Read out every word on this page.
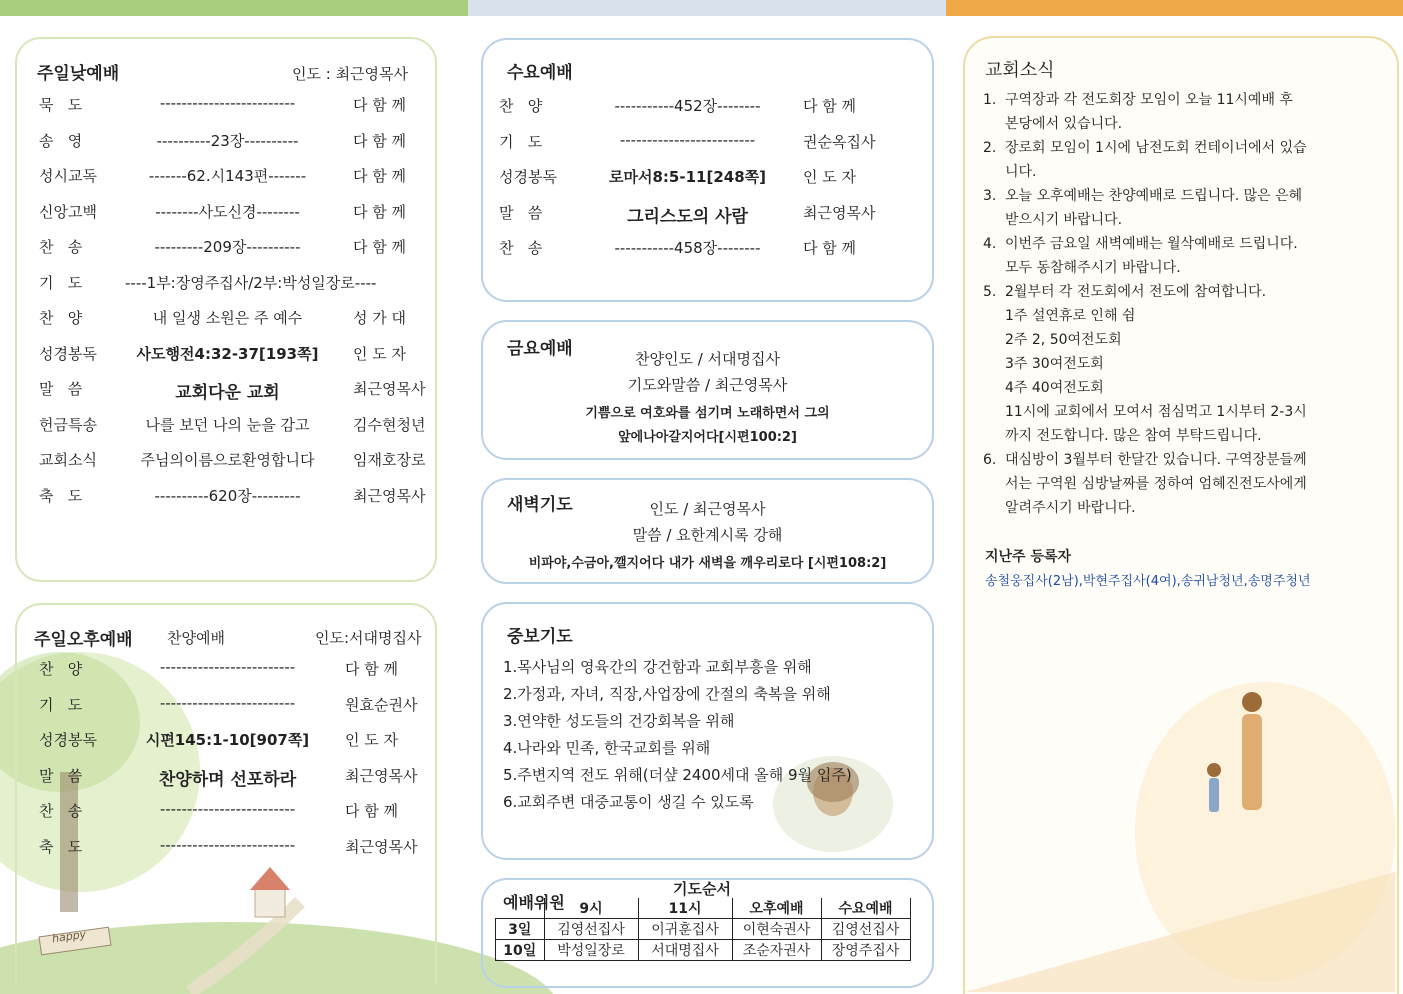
happy
주일낮예배	인도 : 최근영목사
묵   도	-------------------------	다 함 께
송   영	----------23장----------	다 함 께
성시교독	-------62.시143편-------	다 함 께
신앙고백	--------사도신경--------	다 함 께
찬   송	---------209장----------	다 함 께
기   도	----1부:장영주집사/2부:박성일장로----
찬   양	내 일생 소원은 주 예수	성 가 대
성경봉독	사도행전4:32-37[193쪽]	인 도 자
말   씀	교회다운 교회	최근영목사
헌금특송	나를 보던 나의 눈을 감고	김수현청년
교회소식	주님의이름으로환영합니다	임재호장로
축   도	----------620장---------	최근영목사
주일오후예배 찬양예배	인도:서대명집사
찬   양	-------------------------	다 함 께
기   도	-------------------------	원효순권사
성경봉독	시편145:1-10[907쪽]	인 도 자
말   씀	찬양하며 선포하라	최근영목사
찬   송	-------------------------	다 함 께
축   도	-------------------------	최근영목사
수요예배
찬   양	-----------452장--------	다 함 께
기   도	-------------------------	권순옥집사
성경봉독	로마서8:5-11[248쪽]	인 도 자
말   씀	그리스도의 사람	최근영목사
찬   송	-----------458장--------	다 함 께
금요예배	찬양인도 / 서대명집사
기도와말씀 / 최근영목사
기쁨으로 여호와를 섬기며 노래하면서 그의
앞에나아갈지어다[시편100:2]
새벽기도	인도 / 최근영목사
말씀 / 요한계시록 강해
비파야,수금아,깰지어다 내가 새벽을 깨우리로다 [시편108:2]
중보기도
1.목사님의 영육간의 강건함과 교회부흥을 위해
2.가정과, 자녀, 직장,사업장에 간절의 축복을 위해
3.연약한 성도들의 건강회복을 위해
4.나라와 민족, 한국교회를 위해
5.주변지역 전도 위해(더샾 2400세대 올해 9월 입주)
6.교회주변 대중교통이 생길 수 있도록
예배위원
기도순서
	9시	11시	오후예배	수요예배
3일	김영선집사	이귀훈집사	이현숙권사	김영선집사
10일	박성일장로	서대명집사	조순자권사	장영주집사
교회소식
1. 구역장과 각 전도회장 모임이 오늘 11시예배 후
본당에서 있습니다.
2. 장로회 모임이 1시에 남전도회 컨테이너에서 있습
니다.
3. 오늘 오후예배는 찬양예배로 드립니다. 많은 은혜
받으시기 바랍니다.
4. 이번주 금요일 새벽예배는 월삭예배로 드립니다.
모두 동참해주시기 바랍니다.
5. 2월부터 각 전도회에서 전도에 참여합니다.
1주 설연휴로 인해 쉼
2주 2, 50여전도회
3주 30여전도회
4주 40여전도회
11시에 교회에서 모여서 점심먹고 1시부터 2-3시
까지 전도합니다. 많은 참여 부탁드립니다.
6. 대심방이 3월부터 한달간 있습니다. 구역장분들께
서는 구역원 심방날짜를 정하여 엄혜진전도사에게
알려주시기 바랍니다.
지난주 등록자
송철웅집사(2남),박현주집사(4여),송귀남청년,송명주청년
